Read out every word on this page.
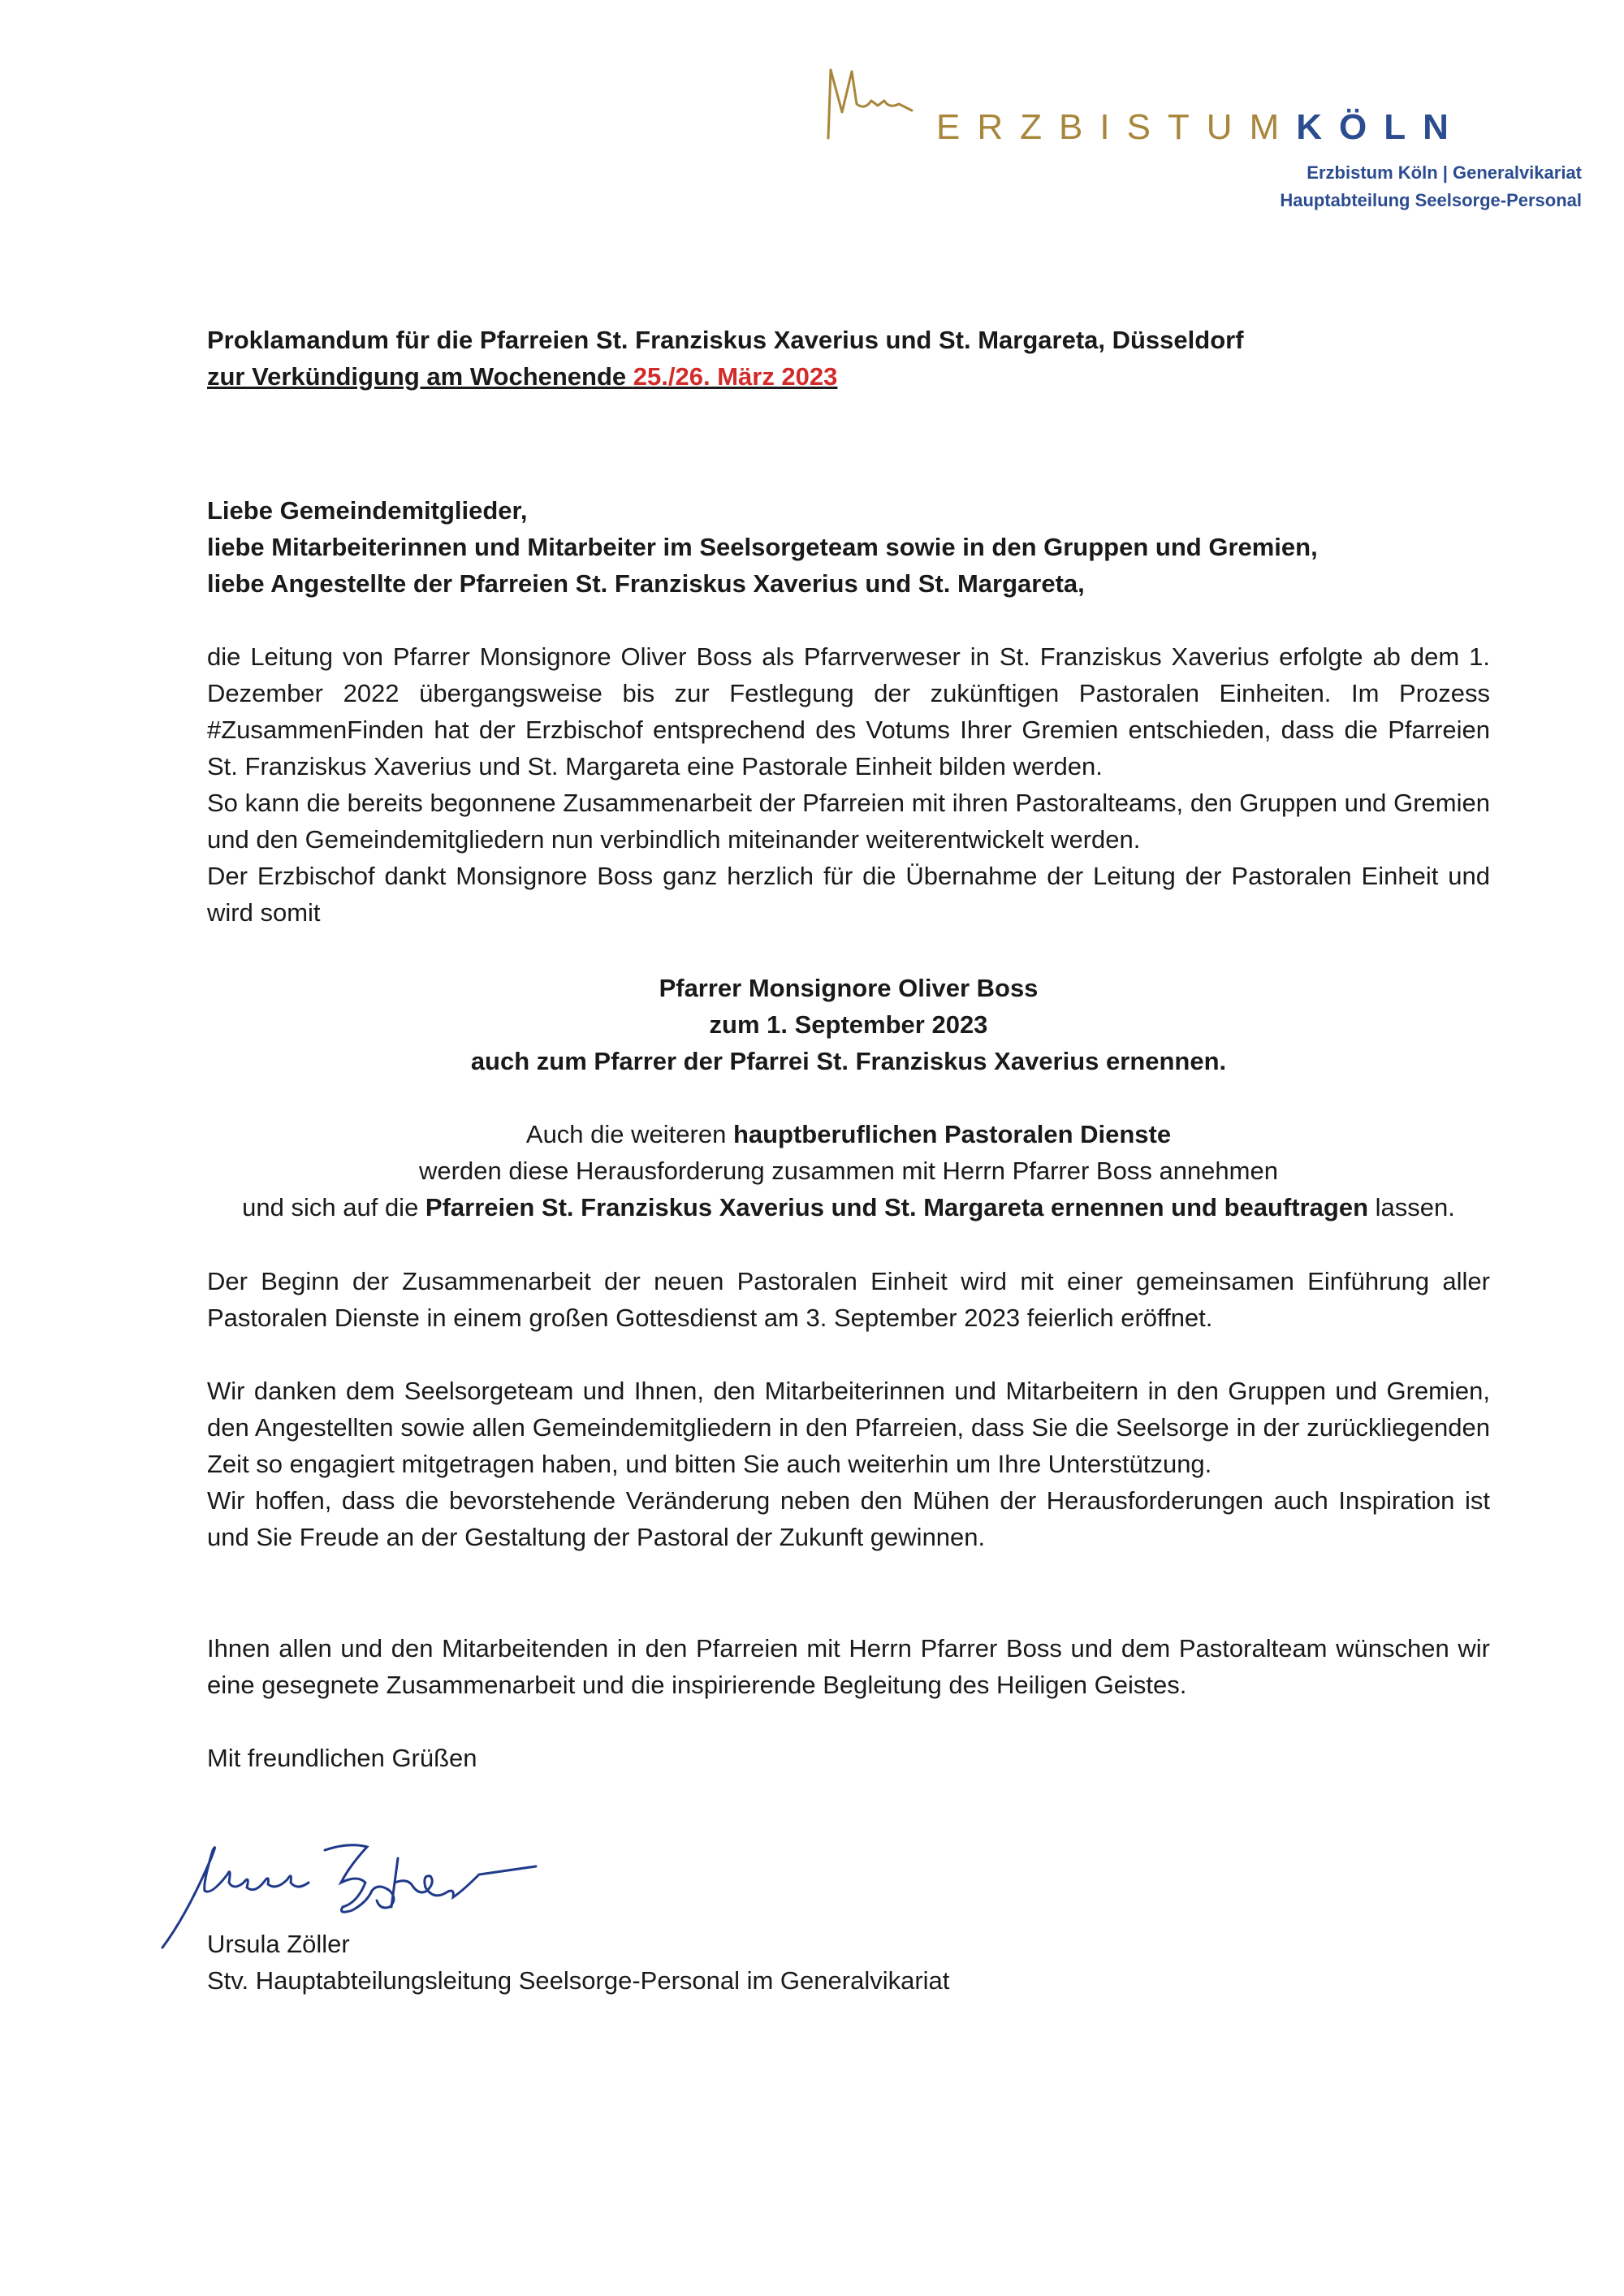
ERZBISTUMKÖLN
Erzbistum Köln | Generalvikariat
Hauptabteilung Seelsorge-Personal
Proklamandum für die Pfarreien St. Franziskus Xaverius und St. Margareta, Düsseldorf
zur Verkündigung am Wochenende 25./26. März 2023
Liebe Gemeindemitglieder,
liebe Mitarbeiterinnen und Mitarbeiter im Seelsorgeteam sowie in den Gruppen und Gremien,
liebe Angestellte der Pfarreien St. Franziskus Xaverius und St. Margareta,
die Leitung von Pfarrer Monsignore Oliver Boss als Pfarrverweser in St. Franziskus Xaverius erfolgte ab dem 1. Dezember 2022 übergangsweise bis zur Festlegung der zukünftigen Pastoralen Einheiten. Im Prozess #ZusammenFinden hat der Erzbischof entsprechend des Votums Ihrer Gremien entschieden, dass die Pfarreien St. Franziskus Xaverius und St. Margareta eine Pastorale Einheit bilden werden.
So kann die bereits begonnene Zusammenarbeit der Pfarreien mit ihren Pastoralteams, den Gruppen und Gremien und den Gemeindemitgliedern nun verbindlich miteinander weiterentwickelt werden.
Der Erzbischof dankt Monsignore Boss ganz herzlich für die Übernahme der Leitung der Pastoralen Einheit und wird somit
Pfarrer Monsignore Oliver Boss
zum 1. September 2023
auch zum Pfarrer der Pfarrei St. Franziskus Xaverius ernennen.
Auch die weiteren hauptberuflichen Pastoralen Dienste
werden diese Herausforderung zusammen mit Herrn Pfarrer Boss annehmen
und sich auf die Pfarreien St. Franziskus Xaverius und St. Margareta ernennen und beauftragen lassen.
Der Beginn der Zusammenarbeit der neuen Pastoralen Einheit wird mit einer gemeinsamen Einführung aller Pastoralen Dienste in einem großen Gottesdienst am 3. September 2023 feierlich eröffnet.
Wir danken dem Seelsorgeteam und Ihnen, den Mitarbeiterinnen und Mitarbeitern in den Gruppen und Gremien, den Angestellten sowie allen Gemeindemitgliedern in den Pfarreien, dass Sie die Seelsorge in der zurückliegenden Zeit so engagiert mitgetragen haben, und bitten Sie auch weiterhin um Ihre Unterstützung.
Wir hoffen, dass die bevorstehende Veränderung neben den Mühen der Herausforderungen auch Inspiration ist und Sie Freude an der Gestaltung der Pastoral der Zukunft gewinnen.
Ihnen allen und den Mitarbeitenden in den Pfarreien mit Herrn Pfarrer Boss und dem Pastoralteam wünschen wir eine gesegnete Zusammenarbeit und die inspirierende Begleitung des Heiligen Geistes.
Mit freundlichen Grüßen
Ursula Zöller
Stv. Hauptabteilungsleitung Seelsorge-Personal im Generalvikariat
